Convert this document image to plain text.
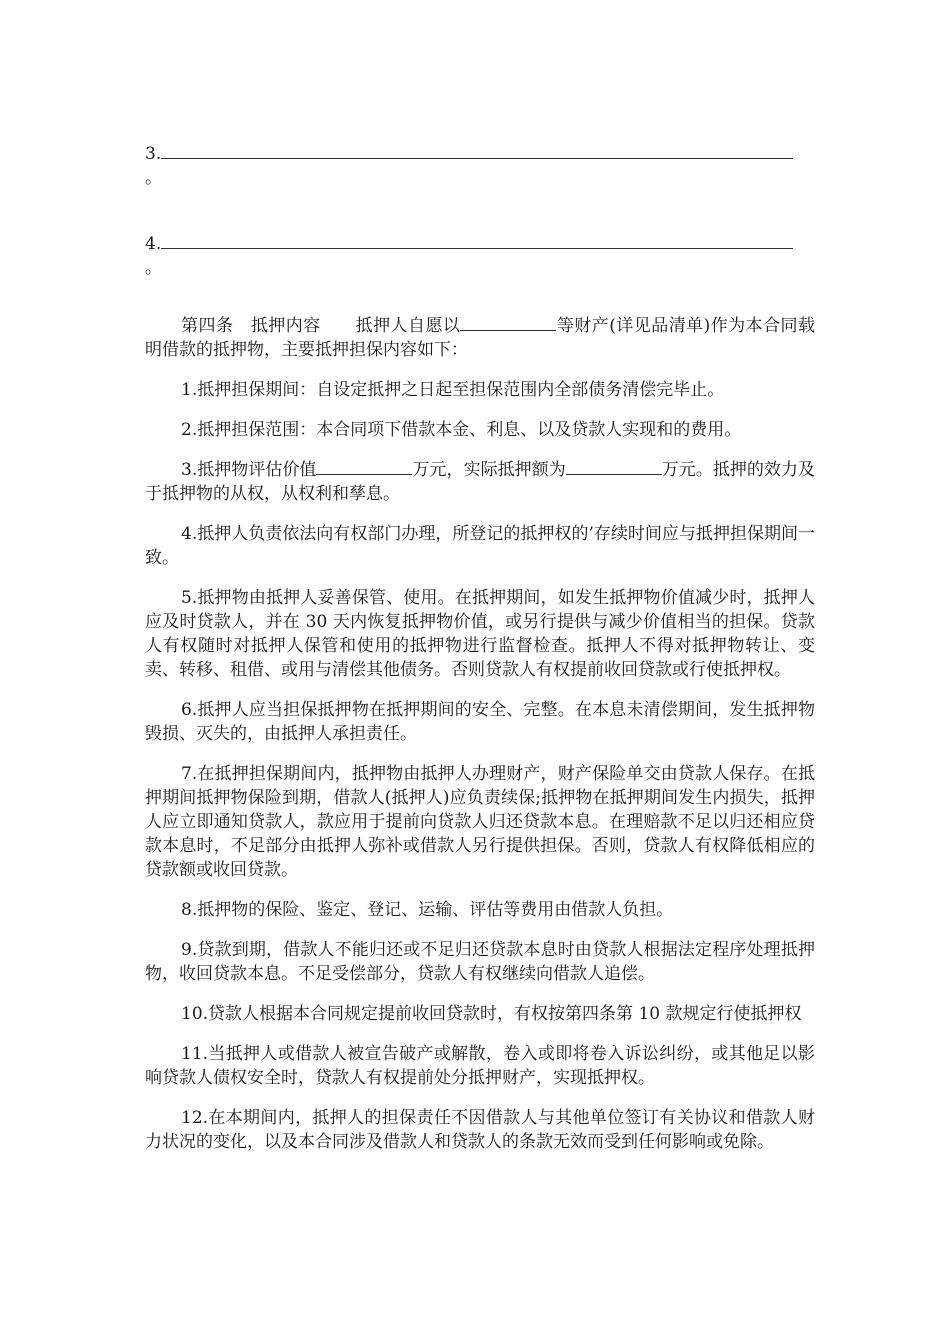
3.
。
4.
。

第四条　抵押内容　　抵押人自愿以	等财产(详见品清单)作为本合同载明借款的抵押物，主要抵押担保内容如下：

1.抵押担保期间：自设定抵押之日起至担保范围内全部债务清偿完毕止。

2.抵押担保范围：本合同项下借款本金、利息、以及贷款人实现和的费用。

3.抵押物评估价值	万元，实际抵押额为	万元。抵押的效力及于抵押物的从权，从权利和孳息。

4.抵押人负责依法向有权部门办理，所登记的抵押权的’存续时间应与抵押担保期间一致。

5.抵押物由抵押人妥善保管、使用。在抵押期间，如发生抵押物价值减少时，抵押人应及时贷款人，并在 30 天内恢复抵押物价值，或另行提供与减少价值相当的担保。贷款人有权随时对抵押人保管和使用的抵押物进行监督检查。抵押人不得对抵押物转让、变卖、转移、租借、或用与清偿其他债务。否则贷款人有权提前收回贷款或行使抵押权。

6.抵押人应当担保抵押物在抵押期间的安全、完整。在本息未清偿期间，发生抵押物毁损、灭失的，由抵押人承担责任。

7.在抵押担保期间内，抵押物由抵押人办理财产，财产保险单交由贷款人保存。在抵押期间抵押物保险到期，借款人(抵押人)应负责续保;抵押物在抵押期间发生内损失，抵押人应立即通知贷款人，款应用于提前向贷款人归还贷款本息。在理赔款不足以归还相应贷款本息时，不足部分由抵押人弥补或借款人另行提供担保。否则，贷款人有权降低相应的贷款额或收回贷款。

8.抵押物的保险、鉴定、登记、运输、评估等费用由借款人负担。

9.贷款到期，借款人不能归还或不足归还贷款本息时由贷款人根据法定程序处理抵押物，收回贷款本息。不足受偿部分，贷款人有权继续向借款人追偿。

10.贷款人根据本合同规定提前收回贷款时，有权按第四条第 10 款规定行使抵押权

11.当抵押人或借款人被宣告破产或解散，卷入或即将卷入诉讼纠纷，或其他足以影响贷款人债权安全时，贷款人有权提前处分抵押财产，实现抵押权。

12.在本期间内，抵押人的担保责任不因借款人与其他单位签订有关协议和借款人财力状况的变化，以及本合同涉及借款人和贷款人的条款无效而受到任何影响或免除。
